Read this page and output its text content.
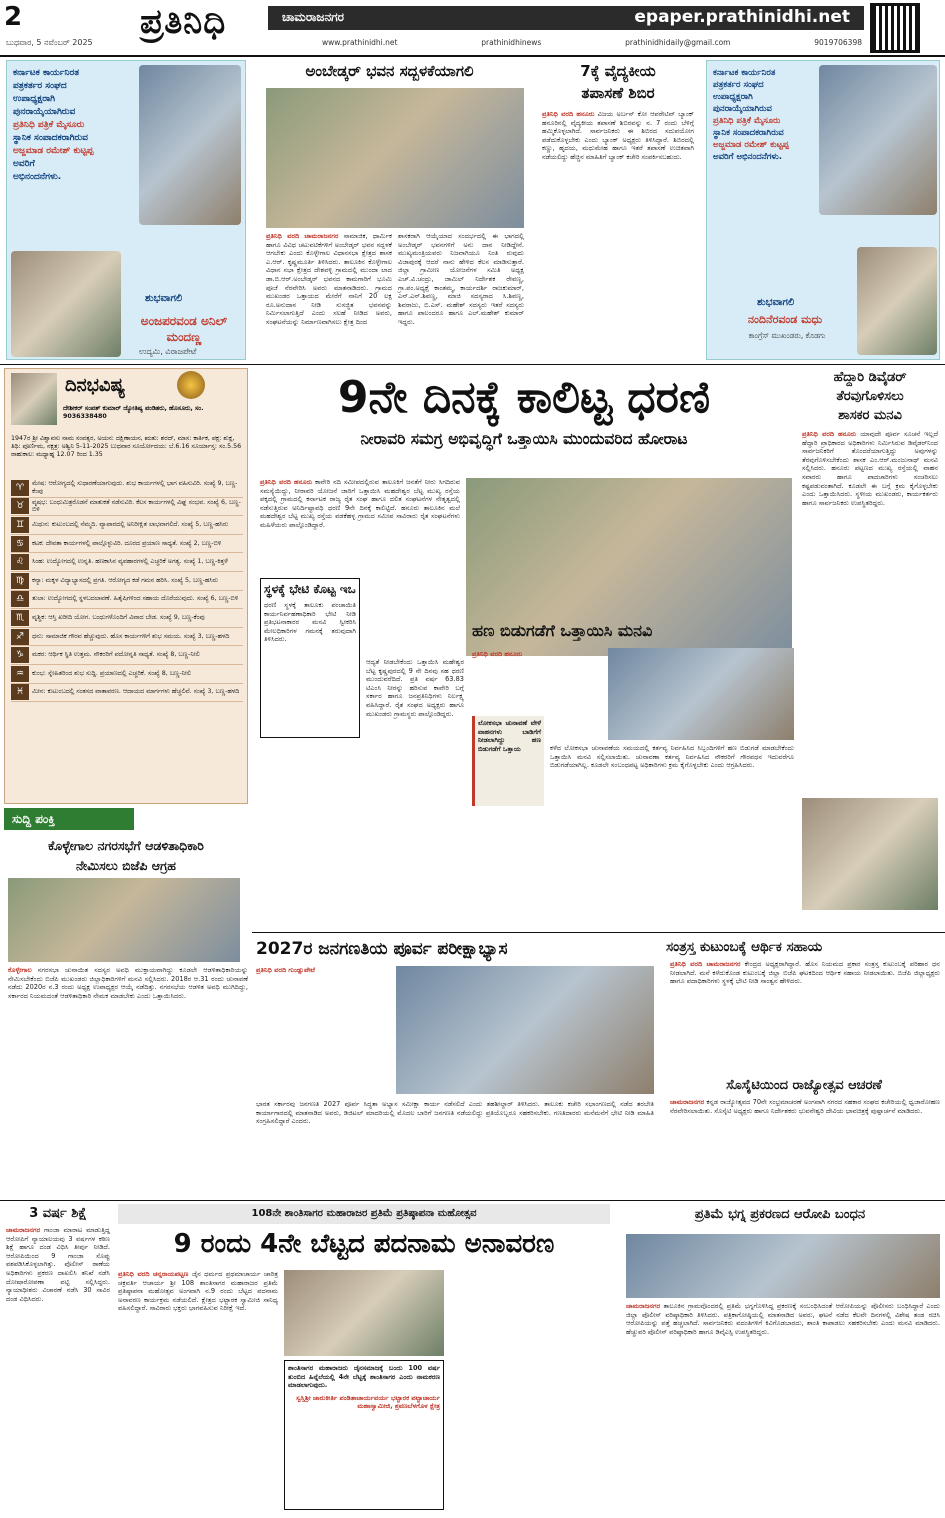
2	ಪ್ರತಿನಿಧಿ	ಚಾಮರಾಜನಗರ	epaper.prathinidhi.net
ಬುಧವಾರ, 5 ನವೆಂಬರ್ 2025	www.prathinidhi.net	prathinidhinews	prathinidhidaily@gmail.com	9019706398
ಕರ್ನಾಟಕ ಕಾರ್ಯನಿರತ
ಪತ್ರಕರ್ತರ ಸಂಘದ
ಉಪಾಧ್ಯಕ್ಷರಾಗಿ
ಪುನರಾಯ್ಕೆಯಾಗಿರುವ
ಪ್ರತಿನಿಧಿ ಪತ್ರಿಕೆ ಮೈಸೂರು
ಸ್ಥಾನಿಕ ಸಂಪಾದಕರಾಗಿರುವ
ಅಜ್ಜಮಾಡ ರಮೇಶ್ ಕುಟ್ಟಪ್ಪ
ಅವರಿಗೆ
ಅಭಿನಂದನೆಗಳು.
ಶುಭವಾಗಲಿ
ಅಂಜಪರವಂಡ ಅನಿಲ್ ಮಂದಣ್ಣ
ಉದ್ಯಮಿ, ವಿರಾಜಪೇಟೆ
ಅಂಬೇಡ್ಕರ್ ಭವನ ಸದ್ಬಳಕೆಯಾಗಲಿ
ಪ್ರತಿನಿಧಿ ವರದಿ ಚಾಮರಾಜನಗರ ಸಾಮಾಜಿಕ, ಧಾರ್ಮಿಕ ಹಾಗೂ ವಿವಿಧ ಚಟುವಟಿಕೆಗಳಿಗೆ ಅಂಬೇಡ್ಕರ್ ಭವನ ಸದ್ಬಳಕೆ ಆಗಬೇಕು ಎಂದು ಕೊಳ್ಳೇಗಾಲ ವಿಧಾನಸಭಾ ಕ್ಷೇತ್ರದ ಶಾಸಕ ಎ.ಆರ್. ಕೃಷ್ಣಮೂರ್ತಿ ತಿಳಿಸಿದರು. ತಾಲೂಕಿನ ಕೊಳ್ಳೇಗಾಲ ವಿಧಾನ ಸಭಾ ಕ್ಷೇತ್ರದ ದೇಶವಳ್ಳಿ ಗ್ರಾಮದಲ್ಲಿ ಮುಂದಾ ಲಾದ ಡಾ.ಬಿ.ಆರ್.ಅಂಬೇಡ್ಕರ್ ಭವನದ ಕಾಮಗಾರಿಗೆ ಭೂಮಿ ಪೂಜೆ ನೆರವೇರಿಸಿ ಅವರು ಮಾತನಾಡಿದರು. ಗ್ರಾಮದ ಮುಖಂಡರ ಒತ್ತಾಯದ ಮೇರೆಗೆ ನಾನಿಗೆ 20 ಲಕ್ಷ ರೂ.ಅನುದಾನ ನೀಡಿ ಸುಸಜ್ಜಿತ ಭವನವನ್ನು ನಿರ್ಮಿಸಲಾಗುತ್ತಿದೆ ಎಂದು ಸಲಹೆ ನೀಡಿದ ಅವರು, ಸಂಘಟನೆಯನ್ನು ನಿರ್ಮಾಣವಾಗಿಸಲು ಕ್ಷೇತ್ರ ದಿಂದ
ಶಾಸಕರಾಗಿ ಆಯ್ಕೆಯಾದ ಸಂದರ್ಭದಲ್ಲಿ ಈ ಭಾಗದಲ್ಲಿ ಅಂಬೇಡ್ಕರ್ ಭವನಗಳಿಗೆ ಅನು ದಾನ ನೀಡಿದ್ದೇನೆ. ಮುಖ್ಯಮಂತ್ರಿಯವರು ನಿಜವಾಗಿಯೂ ನಿಂತಿ ರುವುದು ವಿಜಾಪುರಕ್ಕೆ ಆದರೆ ನಾನು ಹೇಳಿದ ಕೆಲಸ ಮಾಡಿಸುತ್ತಾರೆ. ಜಿಲ್ಲಾ ಗ್ರಾಮೀಣ ಯೋಜನೆಗಳ ಸಮಿತಿ ಅಧ್ಯಕ್ಷ ಎಚ್.ವಿ.ಚಂದ್ರು, ಜಾಮಿಲ್ ನಿರ್ದೇಶಕ ರೇವಣ್ಣ, ಗ್ರಾ.ಪಂ.ಅಧ್ಯಕ್ಷೆ ಕಾಂತಮ್ಮ, ಕಾರ್ಯದರ್ಶಿ ರಾಜಕುಮಾರ್, ಎನ್.ಎನ್.ಶಿವಣ್ಣ, ಮಾಜಿ ಸದಸ್ಯರಾದ ಸಿ.ಶಿವಣ್ಣ, ಶಿವರಾಜು, ಬಿ.ಎಸ್. ಮಹೇಶ್ ಸದಸ್ಯರು ಇತರೆ ಸದಸ್ಯರು ಹಾಗೂ ಪಾಲಂದರೂ ಹಾಗೂ ಎಲ್.ಮಹೇಶ್ ಕುಮಾರ್ ಇದ್ದರು.
7ಕ್ಕೆ ವೈದ್ಯಕೀಯ
ತಪಾಸಣೆ ಶಿಬಿರ
ಪ್ರತಿನಿಧಿ ವರದಿ ಹನೂರು ವಿಜಯ ಅರ್ಬನ್ ಕೋ ಆಪರೇಟಿವ್ ಬ್ಯಾಂಕ್ ಹನೂರಿನಲ್ಲಿ ವೈದ್ಯಕೀಯ ತಪಾಸಣೆ ಶಿಬಿರವನ್ನು ನ. 7 ರಂದು ಬೆಳಿಗ್ಗೆ ಹಮ್ಮಿಕೊಳ್ಳಲಾಗಿದೆ. ಸಾರ್ವಜನಿಕರು ಈ ಶಿಬಿರದ ಸದುಪಯೋಗ ಪಡೆದುಕೊಳ್ಳಬೇಕು ಎಂದು ಬ್ಯಾಂಕ್ ಅಧ್ಯಕ್ಷರು ತಿಳಿಸಿದ್ದಾರೆ. ಶಿಬಿರದಲ್ಲಿ ಕಣ್ಣು, ಹೃದಯ, ಮಧುಮೇಹ ಹಾಗೂ ಇತರೆ ತಪಾಸಣೆ ಉಚಿತವಾಗಿ ನಡೆಯಲಿದ್ದು ಹೆಚ್ಚಿನ ಮಾಹಿತಿಗೆ ಬ್ಯಾಂಕ್ ಕಚೇರಿ ಸಂಪರ್ಕಿಸಬಹುದು.
ಕರ್ನಾಟಕ ಕಾರ್ಯನಿರತ
ಪತ್ರಕರ್ತರ ಸಂಘದ
ಉಪಾಧ್ಯಕ್ಷರಾಗಿ
ಪುನರಾಯ್ಕೆಯಾಗಿರುವ
ಪ್ರತಿನಿಧಿ ಪತ್ರಿಕೆ ಮೈಸೂರು
ಸ್ಥಾನಿಕ ಸಂಪಾದಕರಾಗಿರುವ
ಅಜ್ಜಮಾಡ ರಮೇಶ್ ಕುಟ್ಟಪ್ಪ
ಅವರಿಗೆ ಅಭಿನಂದನೆಗಳು.
ಶುಭವಾಗಲಿ
ನಂದಿನೆರವಂಡ ಮಧು
ಕಾಂಗ್ರೆಸ್ ಮುಖಂಡರು, ಕೊಡಗು
ದಿನಭವಿಷ್ಯ
ದೇಶೀಕರ್ ಸಂಪತ್ ಕುಮಾರ್ ಜ್ಯೋತಿಷ್ಯ ಪಂಡಿತರು, ಹೊಸೂರು, ಸಂ. 9036338480
1947ರ ಶ್ರೀ ವಿಶ್ವಾವಸು ನಾಮ ಸಂವತ್ಸರ, ಅಯನ: ದಕ್ಷಿಣಾಯನ, ಋತು: ಶರದ್, ಮಾಸ: ಕಾರ್ತಿಕ, ಪಕ್ಷ: ಶುಕ್ಲ, ತಿಥಿ: ಪೂರ್ಣಿಮ, ನಕ್ಷತ್ರ: ಅಶ್ವಿನಿ 5-11-2025 ಬುಧವಾರ ಸೂರ್ಯೋದಯ: ಬೆ.6.16 ಸೂರ್ಯಾಸ್ತ: ಸಂ.5.56 ರಾಹುಕಾಲ: ಮಧ್ಯಾಹ್ನ 12.07 ರಿಂದ 1.35
♈	ಮೇಷ: ಆರೋಗ್ಯದಲ್ಲಿ ಸುಧಾರಣೆಯಾಗುವುದು. ಶುಭ ಕಾರ್ಯಗಳಲ್ಲಿ ಭಾಗ ವಹಿಸುವಿರಿ. ಸಂಖ್ಯೆ 9, ಬಣ್ಣ-ಕೆಂಪು
♉	ವೃಷಭ: ಬಂಧುಮಿತ್ರರೊಡನೆ ಮಾತುಕತೆ ನಡೆಸುವಿರಿ. ಕೆಲಸ ಕಾರ್ಯಗಳಲ್ಲಿ ವಿಘ್ನ ಸಂಭವ. ಸಂಖ್ಯೆ 6, ಬಣ್ಣ-ಬಿಳಿ
♊	ಮಿಥುನ: ಕುಟುಂಬದಲ್ಲಿ ನೆಮ್ಮದಿ. ವ್ಯಾಪಾರದಲ್ಲಿ ಅನಿರೀಕ್ಷಿತ ಲಾಭವಾಗಲಿದೆ. ಸಂಖ್ಯೆ 5, ಬಣ್ಣ-ಹಸಿರು
♋	ಕಟಕ: ದೇವತಾ ಕಾರ್ಯಗಳಲ್ಲಿ ಪಾಲ್ಗೊಳ್ಳುವಿರಿ. ದೂರದ ಪ್ರಯಾಣ ಸಾಧ್ಯತೆ. ಸಂಖ್ಯೆ 2, ಬಣ್ಣ-ಬಿಳಿ
♌	ಸಿಂಹ: ಉದ್ಯೋಗದಲ್ಲಿ ಉನ್ನತಿ. ಹಣಕಾಸಿನ ವ್ಯವಹಾರಗಳಲ್ಲಿ ಎಚ್ಚರಿಕೆ ಅಗತ್ಯ. ಸಂಖ್ಯೆ 1, ಬಣ್ಣ-ಕಿತ್ತಳೆ
♍	ಕನ್ಯಾ: ಮಕ್ಕಳ ವಿದ್ಯಾಭ್ಯಾಸದಲ್ಲಿ ಪ್ರಗತಿ. ಆರೋಗ್ಯದ ಕಡೆ ಗಮನ ಹರಿಸಿ. ಸಂಖ್ಯೆ 5, ಬಣ್ಣ-ಹಸಿರು
♎	ತುಲಾ: ಉದ್ಯೋಗದಲ್ಲಿ ಸ್ಥಳಬದಲಾವಣೆ. ಹಿತೈಷಿಗಳಿಂದ ಸಹಾಯ ದೊರೆಯುವುದು. ಸಂಖ್ಯೆ 6, ಬಣ್ಣ-ಬಿಳಿ
♏	ವೃಶ್ಚಿಕ: ಆಸ್ತಿ ಖರೀದಿ ಯೋಗ. ಬಂಧುಗಳೊಂದಿಗೆ ವಿವಾದ ಬೇಡ. ಸಂಖ್ಯೆ 9, ಬಣ್ಣ-ಕೆಂಪು
♐	ಧನು: ಸಾಮಾಜಿಕ ಗೌರವ ಹೆಚ್ಚುವುದು. ಹೊಸ ಕಾರ್ಯಗಳಿಗೆ ಶುಭ ಸಮಯ. ಸಂಖ್ಯೆ 3, ಬಣ್ಣ-ಹಳದಿ
♑	ಮಕರ: ಆರ್ಥಿಕ ಸ್ಥಿತಿ ಉತ್ತಮ. ನೌಕರರಿಗೆ ಪದೋನ್ನತಿ ಸಾಧ್ಯತೆ. ಸಂಖ್ಯೆ 8, ಬಣ್ಣ-ನೀಲಿ
♒	ಕುಂಭ: ಸ್ನೇಹಿತರಿಂದ ಶುಭ ಸುದ್ದಿ. ಪ್ರಯಾಣದಲ್ಲಿ ಎಚ್ಚರಿಕೆ. ಸಂಖ್ಯೆ 8, ಬಣ್ಣ-ನೀಲಿ
♓	ಮೀನ: ಕುಟುಂಬದಲ್ಲಿ ಸಂತಸದ ವಾತಾವರಣ. ಆದಾಯದ ಮಾರ್ಗಗಳು ಹೆಚ್ಚಲಿವೆ. ಸಂಖ್ಯೆ 3, ಬಣ್ಣ-ಹಳದಿ
9ನೇ ದಿನಕ್ಕೆ ಕಾಲಿಟ್ಟ ಧರಣಿ
ನೀರಾವರಿ ಸಮಗ್ರ ಅಭಿವೃದ್ಧಿಗೆ ಒತ್ತಾಯಿಸಿ ಮುಂದುವರಿದ ಹೋರಾಟ
ಪ್ರತಿನಿಧಿ ವರದಿ ಹನೂರು ಕಾವೇರಿ ನದಿ ಸಮೀಪದಲ್ಲಿರುವ ತಾಲೂಕಿಗೆ ಜನತೆಗೆ ನೀರು ಸಿಗದಿರುವ ಸಮಸ್ಯೆಯಿದ್ದು, ನೀರಾವರಿ ಯೋಜನೆ ಜಾರಿಗೆ ಒತ್ತಾಯಿಸಿ ಮಹದೇಶ್ವರ ಬೆಟ್ಟ ಮುಖ್ಯ ರಸ್ತೆಯ ಪಕ್ಕದಲ್ಲಿ ಗ್ರಾಮದಲ್ಲಿ ಕರ್ನಾಟಕ ರಾಜ್ಯ ರೈತ ಸಂಘ ಹಾಗೂ ದಲಿತ ಸಂಘಟನೆಗಳ ನೇತೃತ್ವದಲ್ಲಿ ನಡೆಸುತ್ತಿರುವ ಅನಿರ್ದಿಷ್ಟಾವಧಿ ಧರಣಿ 9ನೇ ದಿನಕ್ಕೆ ಕಾಲಿಟ್ಟಿದೆ. ಹನೂರು ತಾಲೂಕಿನ ಮಲೆ ಮಹದೇಶ್ವರ ಬೆಟ್ಟ ಮುಖ್ಯ ರಸ್ತೆಯ ವಡಕೆಹಳ್ಳ ಗ್ರಾಮದ ಸಮೀಪ ಸಾವಿರಾರು ರೈತ ಸಂಘಟನೆಗಳು ಮಹಿಳೆಯರು ಪಾಲ್ಗೊಂಡಿದ್ದಾರೆ.
ಸ್ಥಳಕ್ಕೆ ಭೇಟಿ ಕೊಟ್ಟ ಇಒ
ಧರಣಿ ಸ್ಥಳಕ್ಕೆ ತಾಲೂಕು ಪಂಚಾಯಿತಿ ಕಾರ್ಯನಿರ್ವಹಣಾಧಿಕಾರಿ ಭೇಟಿ ನೀಡಿ ಪ್ರತಿಭಟನಾಕಾರರ ಮನವಿ ಸ್ವೀಕರಿಸಿ ಮೇಲಧಿಕಾರಿಗಳ ಗಮನಕ್ಕೆ ತರುವುದಾಗಿ ತಿಳಿಸಿದರು.
ಆದ್ಯತೆ ನೀಡಬೇಕೆಂದು ಒತ್ತಾಯಿಸಿ ಮಹೇಶ್ವರ ಬೆಟ್ಟ ಕೃಷ್ಣಪುರದಲ್ಲಿ 9 ನೇ ದಿನವು ಸಹ ಧರಣಿ ಮುಂದುವರೆದಿದೆ. ಪ್ರತಿ ವರ್ಷ 63.83 ಟಿಎಂಸಿ ನೀರನ್ನು ಹರಿಸುವ ಕಾವೇರಿ ಬಗ್ಗೆ ಸರ್ಕಾರ ಹಾಗೂ ಜನಪ್ರತಿನಿಧಿಗಳು ನಿರ್ಲಕ್ಷ್ಯ ವಹಿಸಿದ್ದಾರೆ. ರೈತ ಸಂಘದ ಅಧ್ಯಕ್ಷರು ಹಾಗೂ ಮುಖಂಡರು ಗ್ರಾಮಸ್ಥರು ಪಾಲ್ಗೊಂಡಿದ್ದರು.
ಹಣ ಬಿಡುಗಡೆಗೆ ಒತ್ತಾಯಿಸಿ ಮನವಿ
ಪ್ರತಿನಿಧಿ ವರದಿ ಹನೂರು
ಲೋಕಸಭಾ ಚುನಾವಣೆ ವೇಳೆ ವಾಹನಗಳು ಬಾಡಿಗೆಗೆ ನೀಡಲಾಗಿದ್ದು ಹಣ ಬಿಡುಗಡೆಗೆ ಒತ್ತಾಯ	ಕಳೆದ ಲೋಕಸಭಾ ಚುನಾವಣೆಯ ಸಮಯದಲ್ಲಿ ಕರ್ತವ್ಯ ನಿರ್ವಹಿಸಿದ ಸಿಬ್ಬಂದಿಗಳಿಗೆ ಹಣ ಬಿಡುಗಡೆ ಮಾಡಬೇಕೆಂದು ಒತ್ತಾಯಿಸಿ ಮನವಿ ಸಲ್ಲಿಸಲಾಯಿತು. ಚುನಾವಣಾ ಕರ್ತವ್ಯ ನಿರ್ವಹಿಸಿದ ನೌಕರರಿಗೆ ಗೌರವಧನ ಇದುವರೆಗೂ ಬಿಡುಗಡೆಯಾಗಿಲ್ಲ. ಕೂಡಲೇ ಸಂಬಂಧಪಟ್ಟ ಅಧಿಕಾರಿಗಳು ಕ್ರಮ ಕೈಗೊಳ್ಳಬೇಕು ಎಂದು ಆಗ್ರಹಿಸಿದರು.
ಹೆದ್ದಾರಿ ಡಿವೈಡರ್
ತೆರವುಗೊಳಿಸಲು
ಶಾಸಕರ ಮನವಿ
ಪ್ರತಿನಿಧಿ ವರದಿ ಹನೂರು ಯಾವುದೇ ಪೂರ್ವ ಸೂಚನೆ ಇಲ್ಲದೆ ಹೆದ್ದಾರಿ ಪ್ರಾಧಿಕಾರದ ಅಧಿಕಾರಿಗಳು ನಿರ್ಮಿಸಿರುವ ಡಿವೈಡರ್‌ನಿಂದ ಸಾರ್ವಜನಿಕರಿಗೆ ತೊಂದರೆಯಾಗುತ್ತಿದ್ದು ಅವುಗಳನ್ನು ತೆರವುಗೊಳಿಸಬೇಕೆಂದು ಶಾಸಕ ಎಂ.ಆರ್.ಮಂಜುನಾಥ್ ಮನವಿ ಸಲ್ಲಿಸಿದರು. ಹನೂರು ಪಟ್ಟಣದ ಮುಖ್ಯ ರಸ್ತೆಯಲ್ಲಿ ವಾಹನ ಸವಾರರು ಹಾಗೂ ಪಾದಚಾರಿಗಳು ಸಂಚರಿಸಲು ಕಷ್ಟಪಡುವಂತಾಗಿದೆ. ಕೂಡಲೇ ಈ ಬಗ್ಗೆ ಕ್ರಮ ಕೈಗೊಳ್ಳಬೇಕು ಎಂದು ಒತ್ತಾಯಿಸಿದರು. ಸ್ಥಳೀಯ ಮುಖಂಡರು, ಕಾರ್ಯಕರ್ತರು ಹಾಗೂ ಸಾರ್ವಜನಿಕರು ಉಪಸ್ಥಿತರಿದ್ದರು.
ಸುದ್ದಿ ಪಂಕ್ತಿ
ಕೊಳ್ಳೇಗಾಲ ನಗರಸಭೆಗೆ ಆಡಳಿತಾಧಿಕಾರಿ
ನೇಮಿಸಲು ಬಿಜೆಪಿ ಆಗ್ರಹ
ಕೊಳ್ಳೇಗಾಲ ನಗರಸಭಾ ಚುನಾಯಿತ ಸದಸ್ಯರ ಅವಧಿ ಮುಕ್ತಾಯವಾಗಿದ್ದು ಕೂಡಲೇ ಆಡಳಿತಾಧಿಕಾರಿಯನ್ನು ನೇಮಿಸಬೇಕೆಂದು ಬಿಜೆಪಿ ಮುಖಂಡರು ಜಿಲ್ಲಾಧಿಕಾರಿಗಳಿಗೆ ಮನವಿ ಸಲ್ಲಿಸಿದರು. 2018ರ ಆ.31 ರಂದು ಚುನಾವಣೆ ನಡೆದು 2020ರ ನ.3 ರಂದು ಅಧ್ಯಕ್ಷ ಉಪಾಧ್ಯಕ್ಷರ ಆಯ್ಕೆ ನಡೆದಿತ್ತು. ನಗರಸಭೆಯ ಆಡಳಿತ ಅವಧಿ ಮುಗಿದಿದ್ದು, ಸರ್ಕಾರದ ನಿಯಮದಂತೆ ಆಡಳಿತಾಧಿಕಾರಿ ನೇಮಕ ಮಾಡಬೇಕು ಎಂದು ಒತ್ತಾಯಿಸಿದರು.
2027ರ ಜನಗಣತಿಯ ಪೂರ್ವ ಪರೀಕ್ಷಾಭ್ಯಾಸ
ಪ್ರತಿನಿಧಿ ವರದಿ ಗುಂಡ್ಲುಪೇಟೆ
ಭಾರತ ಸರ್ಕಾರವು ಜನಗಣತಿ 2027 ಪೂರ್ವ ಸಿದ್ಧತಾ ಅಭ್ಯಾಸ ಸಮೀಕ್ಷಾ ಕಾರ್ಯ ನಡೆಸಲಿದೆ ಎಂದು ತಹಶೀಲ್ದಾರ್ ತಿಳಿಸಿದರು. ತಾಲೂಕು ಕಚೇರಿ ಸಭಾಂಗಣದಲ್ಲಿ ನಡೆದ ತರಬೇತಿ ಕಾರ್ಯಾಗಾರದಲ್ಲಿ ಮಾತನಾಡಿದ ಅವರು, ಡಿಜಿಟಲ್ ಮಾದರಿಯಲ್ಲಿ ಮೊದಲ ಬಾರಿಗೆ ಜನಗಣತಿ ನಡೆಯಲಿದ್ದು ಪ್ರತಿಯೊಬ್ಬರೂ ಸಹಕರಿಸಬೇಕು. ಗಣತಿದಾರರು ಮನೆಮನೆಗೆ ಭೇಟಿ ನೀಡಿ ಮಾಹಿತಿ ಸಂಗ್ರಹಿಸಲಿದ್ದಾರೆ ಎಂದರು.
ಸಂತ್ರಸ್ತ ಕುಟುಂಬಕ್ಕೆ ಆರ್ಥಿಕ ಸಹಾಯ
ಪ್ರತಿನಿಧಿ ವರದಿ ಚಾಮರಾಜನಗರ ಕೇಂದ್ರದ ಅಧ್ಯಕ್ಷರಾಗಿದ್ದಾರೆ. ಹೊಸ ನಿಯಮದ ಪ್ರಕಾರ ಸಂತ್ರಸ್ತ ಕುಟುಂಬಕ್ಕೆ ಪರಿಹಾರ ಧನ ನೀಡಲಾಗಿದೆ. ಮನೆ ಕಳೆದುಕೊಂಡ ಕುಟುಂಬಕ್ಕೆ ಜಿಲ್ಲಾ ಬಿಜೆಪಿ ಘಟಕದಿಂದ ಆರ್ಥಿಕ ಸಹಾಯ ನೀಡಲಾಯಿತು. ಬಿಜೆಪಿ ಜಿಲ್ಲಾಧ್ಯಕ್ಷರು ಹಾಗೂ ಪದಾಧಿಕಾರಿಗಳು ಸ್ಥಳಕ್ಕೆ ಭೇಟಿ ನೀಡಿ ಸಾಂತ್ವನ ಹೇಳಿದರು.
ಸೊಸೈಟಿಯಿಂದ ರಾಜ್ಯೋತ್ಸವ ಆಚರಣೆ
ಚಾಮರಾಜನಗರ ಕನ್ನಡ ರಾಜ್ಯೋತ್ಸವದ 70ನೇ ಸಂಭ್ರಮಾಚರಣೆ ಅಂಗವಾಗಿ ನಗರದ ಸಹಕಾರ ಸಂಘದ ಕಚೇರಿಯಲ್ಲಿ ಧ್ವಜಾರೋಹಣ ನೆರವೇರಿಸಲಾಯಿತು. ಸೊಸೈಟಿ ಅಧ್ಯಕ್ಷರು ಹಾಗೂ ನಿರ್ದೇಶಕರು ಭುವನೇಶ್ವರಿ ದೇವಿಯ ಭಾವಚಿತ್ರಕ್ಕೆ ಪುಷ್ಪಾರ್ಚನೆ ಮಾಡಿದರು.
3 ವರ್ಷ ಶಿಕ್ಷೆ
ಚಾಮರಾಜನಗರ ಗಾಂಜಾ ಮಾರಾಟ ಮಾಡುತ್ತಿದ್ದ ಆರೋಪಿಗೆ ನ್ಯಾಯಾಲಯವು 3 ವರ್ಷಗಳ ಕಠಿಣ ಶಿಕ್ಷೆ ಹಾಗೂ ದಂಡ ವಿಧಿಸಿ ತೀರ್ಪು ನೀಡಿದೆ. ಆರೋಪಿಯಿಂದ 9 ಗಾಂಜಾ ಸೊಪ್ಪು ವಶಪಡಿಸಿಕೊಳ್ಳಲಾಗಿತ್ತು. ಪೊಲೀಸ್ ಠಾಣೆಯ ಅಧಿಕಾರಿಗಳು ಪ್ರಕರಣ ದಾಖಲಿಸಿ ತನಿಖೆ ನಡೆಸಿ ದೋಷಾರೋಪಣಾ ಪಟ್ಟಿ ಸಲ್ಲಿಸಿದ್ದರು. ನ್ಯಾಯಾಧೀಶರು ವಿಚಾರಣೆ ನಡೆಸಿ 30 ಸಾವಿರ ದಂಡ ವಿಧಿಸಿದರು.
108ನೇ ಶಾಂತಿಸಾಗರ ಮಹಾರಾಜರ ಪ್ರತಿಮೆ ಪ್ರತಿಷ್ಠಾಪನಾ ಮಹೋತ್ಸವ
9 ರಂದು 4ನೇ ಬೆಟ್ಟದ ಪದನಾಮ ಅನಾವರಣ
ಪ್ರತಿನಿಧಿ ವರದಿ ಚನ್ನರಾಯಪಟ್ಟಣ ಜೈನ ಧರ್ಮದ ಪ್ರಥಮಾಚಾರ್ಯ ಚಾರಿತ್ರ ಚಕ್ರವರ್ತಿ ಆಚಾರ್ಯ ಶ್ರೀ 108 ಶಾಂತಿಸಾಗರ ಮಹಾರಾಜರ ಪ್ರತಿಮೆ ಪ್ರತಿಷ್ಠಾಪನಾ ಮಹೋತ್ಸವ ಅಂಗವಾಗಿ ನ.9 ರಂದು ಬೆಟ್ಟದ ಪದನಾಮ ಅನಾವರಣ ಕಾರ್ಯಕ್ರಮ ನಡೆಯಲಿದೆ. ಕ್ಷೇತ್ರದ ಭಟ್ಟಾರಕ ಸ್ವಾಮೀಜಿ ಸಾನಿಧ್ಯ ವಹಿಸಲಿದ್ದಾರೆ. ಸಾವಿರಾರು ಭಕ್ತರು ಭಾಗವಹಿಸುವ ನಿರೀಕ್ಷೆ ಇದೆ.
ಶಾಂತಿಸಾಗರ ಮಹಾರಾಜರು ಜೈನಸಮಾಜಕ್ಕೆ ಬಂದು 100 ವರ್ಷ ತುಂಬಿದ ಹಿನ್ನೆಲೆಯಲ್ಲಿ 4ನೇ ಬೆಟ್ಟಕ್ಕೆ ಶಾಂತಿಸಾಗರ ಎಂದು ನಾಮಕರಣ ಮಾಡಲಾಗುವುದು.
ಸ್ವಸ್ತಿಶ್ರೀ ಚಾರುಕೀರ್ತಿ ಪಂಡಿತಾಚಾರ್ಯವರ್ಯ ಭಟ್ಟಾರಕ ಪಟ್ಟಾಚಾರ್ಯ ಮಹಾಸ್ವಾಮೀಜಿ, ಶ್ರವಣಬೆಳಗೊಳ ಕ್ಷೇತ್ರ
ಪ್ರತಿಮೆ ಭಗ್ನ ಪ್ರಕರಣದ ಆರೋಪಿ ಬಂಧನ
ಚಾಮರಾಜನಗರ ತಾಲೂಕಿನ ಗ್ರಾಮವೊಂದರಲ್ಲಿ ಪ್ರತಿಮೆ ಭಗ್ನಗೊಳಿಸಿದ್ದ ಪ್ರಕರಣಕ್ಕೆ ಸಂಬಂಧಿಸಿದಂತೆ ಆರೋಪಿಯನ್ನು ಪೊಲೀಸರು ಬಂಧಿಸಿದ್ದಾರೆ ಎಂದು ಜಿಲ್ಲಾ ಪೊಲೀಸ್ ವರಿಷ್ಠಾಧಿಕಾರಿ ತಿಳಿಸಿದರು. ಪತ್ರಿಕಾಗೋಷ್ಠಿಯಲ್ಲಿ ಮಾತನಾಡಿದ ಅವರು, ಘಟನೆ ನಡೆದ ಕೆಲವೇ ದಿನಗಳಲ್ಲಿ ವಿಶೇಷ ತಂಡ ರಚಿಸಿ ಆರೋಪಿಯನ್ನು ಪತ್ತೆ ಹಚ್ಚಲಾಗಿದೆ. ಸಾರ್ವಜನಿಕರು ವದಂತಿಗಳಿಗೆ ಕಿವಿಗೊಡಬಾರದು, ಶಾಂತಿ ಕಾಪಾಡಲು ಸಹಕರಿಸಬೇಕು ಎಂದು ಮನವಿ ಮಾಡಿದರು. ಹೆಚ್ಚುವರಿ ಪೊಲೀಸ್ ವರಿಷ್ಠಾಧಿಕಾರಿ ಹಾಗೂ ಡಿವೈಎಸ್ಪಿ ಉಪಸ್ಥಿತರಿದ್ದರು.
